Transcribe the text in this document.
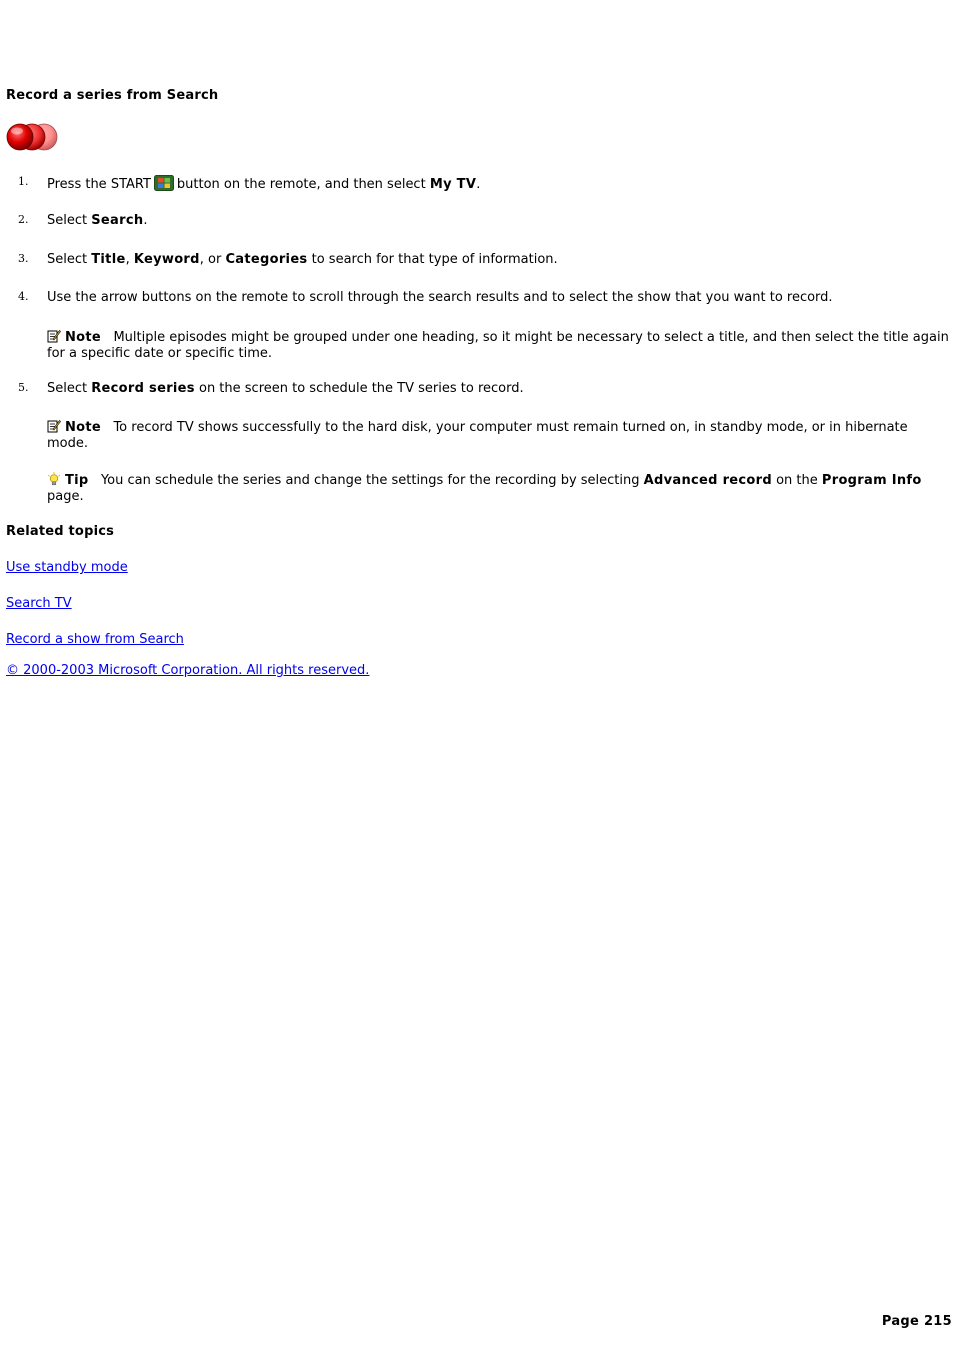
Record a series from Search
1. Press the START button on the remote, and then select My TV.
2. Select Search.
3. Select Title, Keyword, or Categories to search for that type of information.
4. Use the arrow buttons on the remote to scroll through the search results and to select the show that you want to record.
Note Multiple episodes might be grouped under one heading, so it might be necessary to select a title, and then select the title again for a specific date or specific time.
5. Select Record series on the screen to schedule the TV series to record.
Note To record TV shows successfully to the hard disk, your computer must remain turned on, in standby mode, or in hibernate mode.
Tip You can schedule the series and change the settings for the recording by selecting Advanced record on the Program Info page.
Related topics
Use standby mode
Search TV
Record a show from Search
© 2000-2003 Microsoft Corporation. All rights reserved.
Page 215
